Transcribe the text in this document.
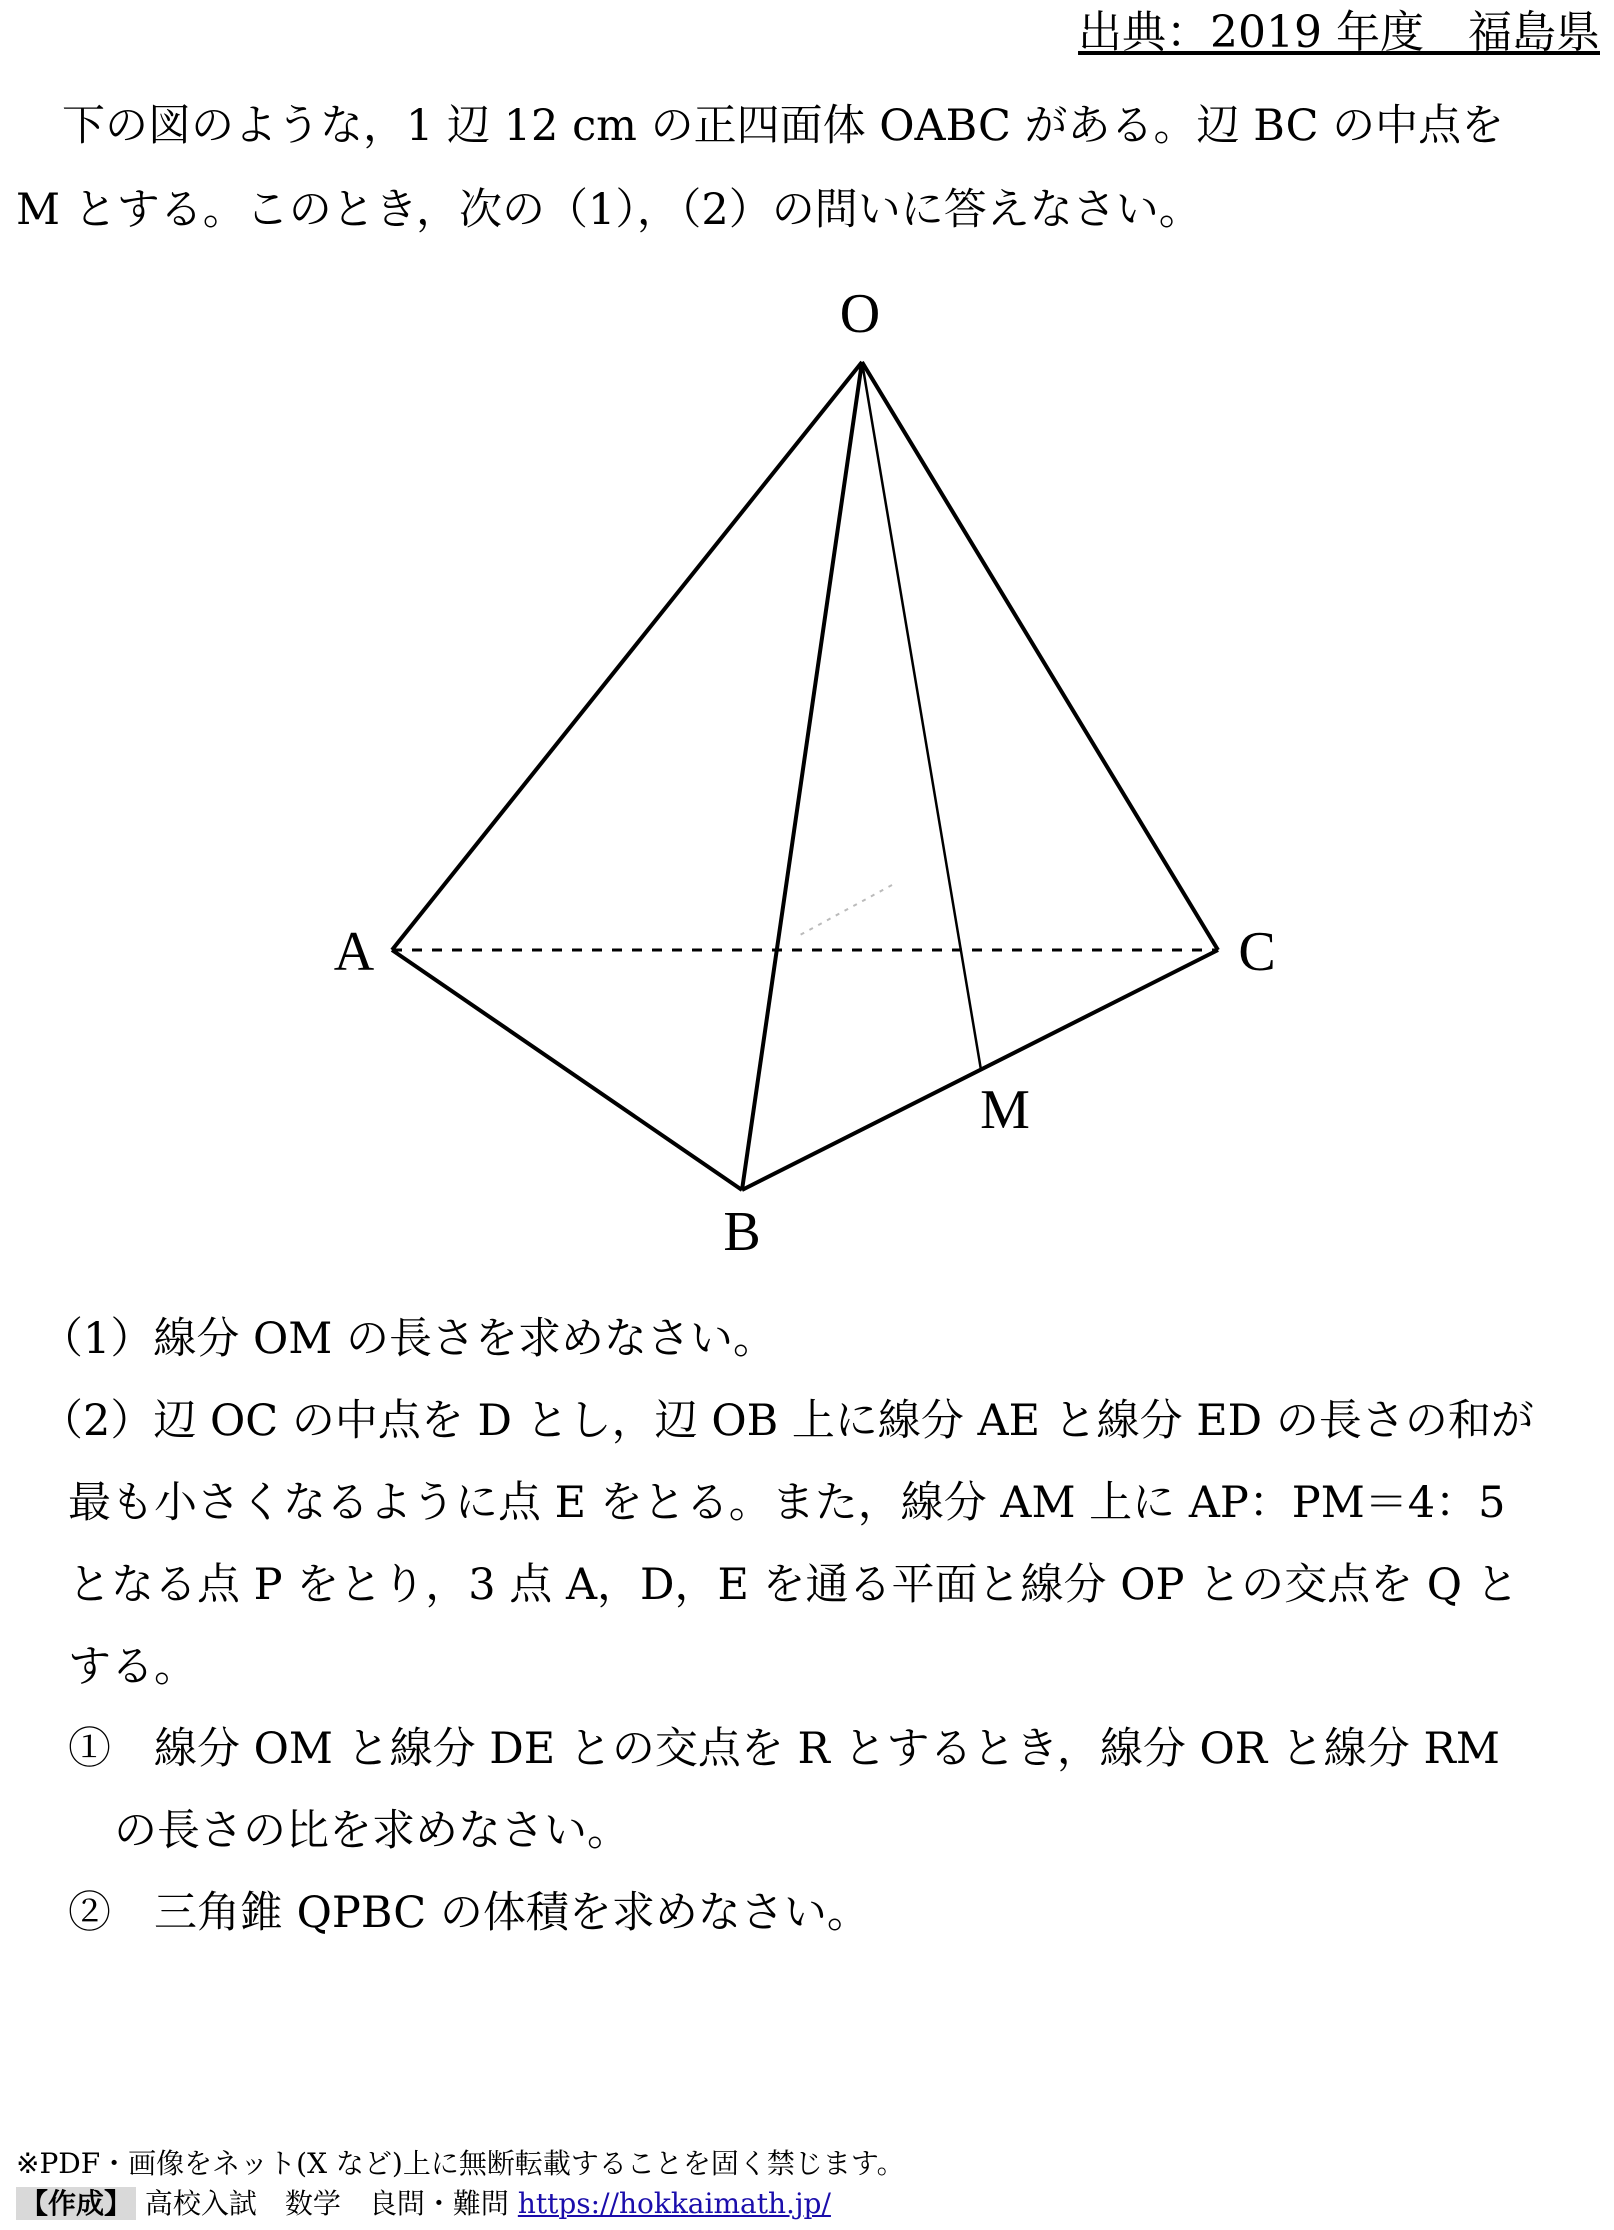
出典：2019 年度　福島県

下の図のような，1 辺 12 cm の正四面体 OABC がある。辺 BC の中点を

M とする。このとき，次の（1），（2）の問いに答えなさい。

O
A
B
C
M

（1）線分 OM の長さを求めなさい。

（2）辺 OC の中点を D とし，辺 OB 上に線分 AE と線分 ED の長さの和が

最も小さくなるように点 E をとる。また，線分 AM 上に AP：PM＝4：5

となる点 P をとり，3 点 A，D，E を通る平面と線分 OP との交点を Q と

する。

①　線分 OM と線分 DE との交点を R とするとき，線分 OR と線分 RM

の長さの比を求めなさい。

②　三角錐 QPBC の体積を求めなさい。

※PDF・画像をネット(X など)上に無断転載することを固く禁じます。

【作成】 高校入試　数学　良問・難問 https://hokkaimath.jp/
